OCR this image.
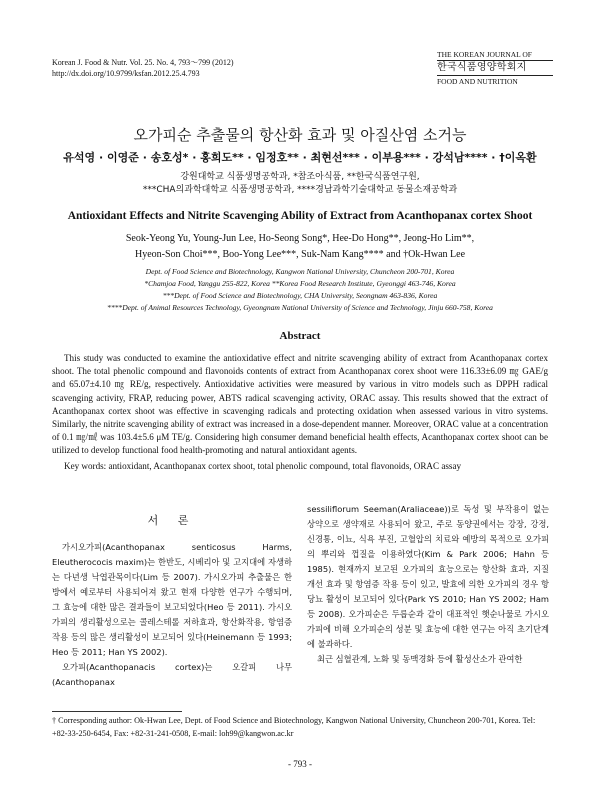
Korean J. Food & Nutr. Vol. 25. No. 4, 793～799 (2012)
http://dx.doi.org/10.9799/ksfan.2012.25.4.793
THE KOREAN JOURNAL OF
한국식품영양학회지
FOOD AND NUTRITION
오가피순 추출물의 항산화 효과 및 아질산염 소거능
유석영 · 이영준 · 송호성* · 홍희도** · 임정호** · 최현선*** · 이부용*** · 강석남**** · †이옥환
강원대학교 식품생명공학과, *참조아식품, **한국식품연구원,
***CHA의과학대학교 식품생명공학과, ****경남과학기술대학교 동물소재공학과
Antioxidant Effects and Nitrite Scavenging Ability of Extract from Acanthopanax cortex Shoot
Seok-Yeong Yu, Young-Jun Lee, Ho-Seong Song*, Hee-Do Hong**, Jeong-Ho Lim**,
Hyeon-Son Choi***, Boo-Yong Lee***, Suk-Nam Kang**** and †Ok-Hwan Lee
Dept. of Food Science and Biotechnology, Kangwon National University, Chuncheon 200-701, Korea
*Chamjoa Food, Yanggu 255-822, Korea **Korea Food Research Institute, Gyeonggi 463-746, Korea
***Dept. of Food Science and Biotechnology, CHA University, Seongnam 463-836, Korea
****Dept. of Animal Resources Technology, Gyeongnam National University of Science and Technology, Jinju 660-758, Korea
Abstract

This study was conducted to examine the antioxidative effect and nitrite scavenging ability of extract from Acanthopanax cortex shoot. The total phenolic compound and flavonoids contents of extract from Acanthopanax corex shoot were 116.33±6.09 ㎎ GAE/g and 65.07±4.10 ㎎ RE/g, respectively. Antioxidative activities were measured by various in vitro models such as DPPH radical scavenging activity, FRAP, reducing power, ABTS radical scavenging activity, ORAC assay. This results showed that the extract of Acanthopanax cortex shoot was effective in scavenging radicals and protecting oxidation when assessed various in vitro systems. Similarly, the nitrite scavenging ability of extract was increased in a dose-dependent manner. Moreover, ORAC value at a concentration of 0.1 ㎎/㎖ was 103.4±5.6 μM TE/g. Considering high consumer demand beneficial health effects, Acanthopanax cortex shoot can be utilized to develop functional food health-promoting and natural antioxidant agents.

Key words: antioxidant, Acanthopanax cortex shoot, total phenolic compound, total flavonoids, ORAC assay
서 론

가시오가피(Acanthopanax senticosus Harms, Eleutherococis maxim)는 한반도, 시베리아 및 고지대에 자생하는 다년생 낙엽관목이다(Lim 등 2007). 가시오가피 추출물은 한방에서 예로부터 사용되어져 왔고 현재 다양한 연구가 수행되며, 그 효능에 대한 많은 결과들이 보고되었다(Heo 등 2011). 가시오가피의 생리활성으로는 콜레스테롤 저하효과, 항산화작용, 항염증 작용 등의 많은 생리활성이 보고되어 있다(Heinemann 등 1993; Heo 등 2011; Han YS 2002).

오가피(Acanthopanacis cortex)는 오갈피 나무(Acanthopanax

sessiliflorum Seeman(Araliaceae))로 독성 및 부작용이 없는 상약으로 생약재로 사용되어 왔고, 주로 동양권에서는 강장, 강정, 신경통, 이뇨, 식욕 부진, 고혈압의 치료와 예방의 목적으로 오가피의 뿌리와 껍질을 이용하였다(Kim & Park 2006; Hahn 등 1985). 현재까지 보고된 오가피의 효능으로는 항산화 효과, 지질 개선 효과 및 항염증 작용 등이 있고, 발효에 의한 오가피의 경우 항당뇨 활성이 보고되어 있다(Park YS 2010; Han YS 2002; Ham 등 2008). 오가피순은 두릅순과 같이 대표적인 햇순나물로 가시오가피에 비해 오가피순의 성분 및 효능에 대한 연구는 아직 초기단계에 불과하다.

최근 심혈관계, 노화 및 동맥경화 등에 활성산소가 관여한

† Corresponding author: Ok-Hwan Lee, Dept. of Food Science and Biotechnology, Kangwon National University, Chuncheon 200-701, Korea. Tel: +82-33-250-6454, Fax: +82-31-241-0508, E-mail: loh99@kangwon.ac.kr
- 793 -
